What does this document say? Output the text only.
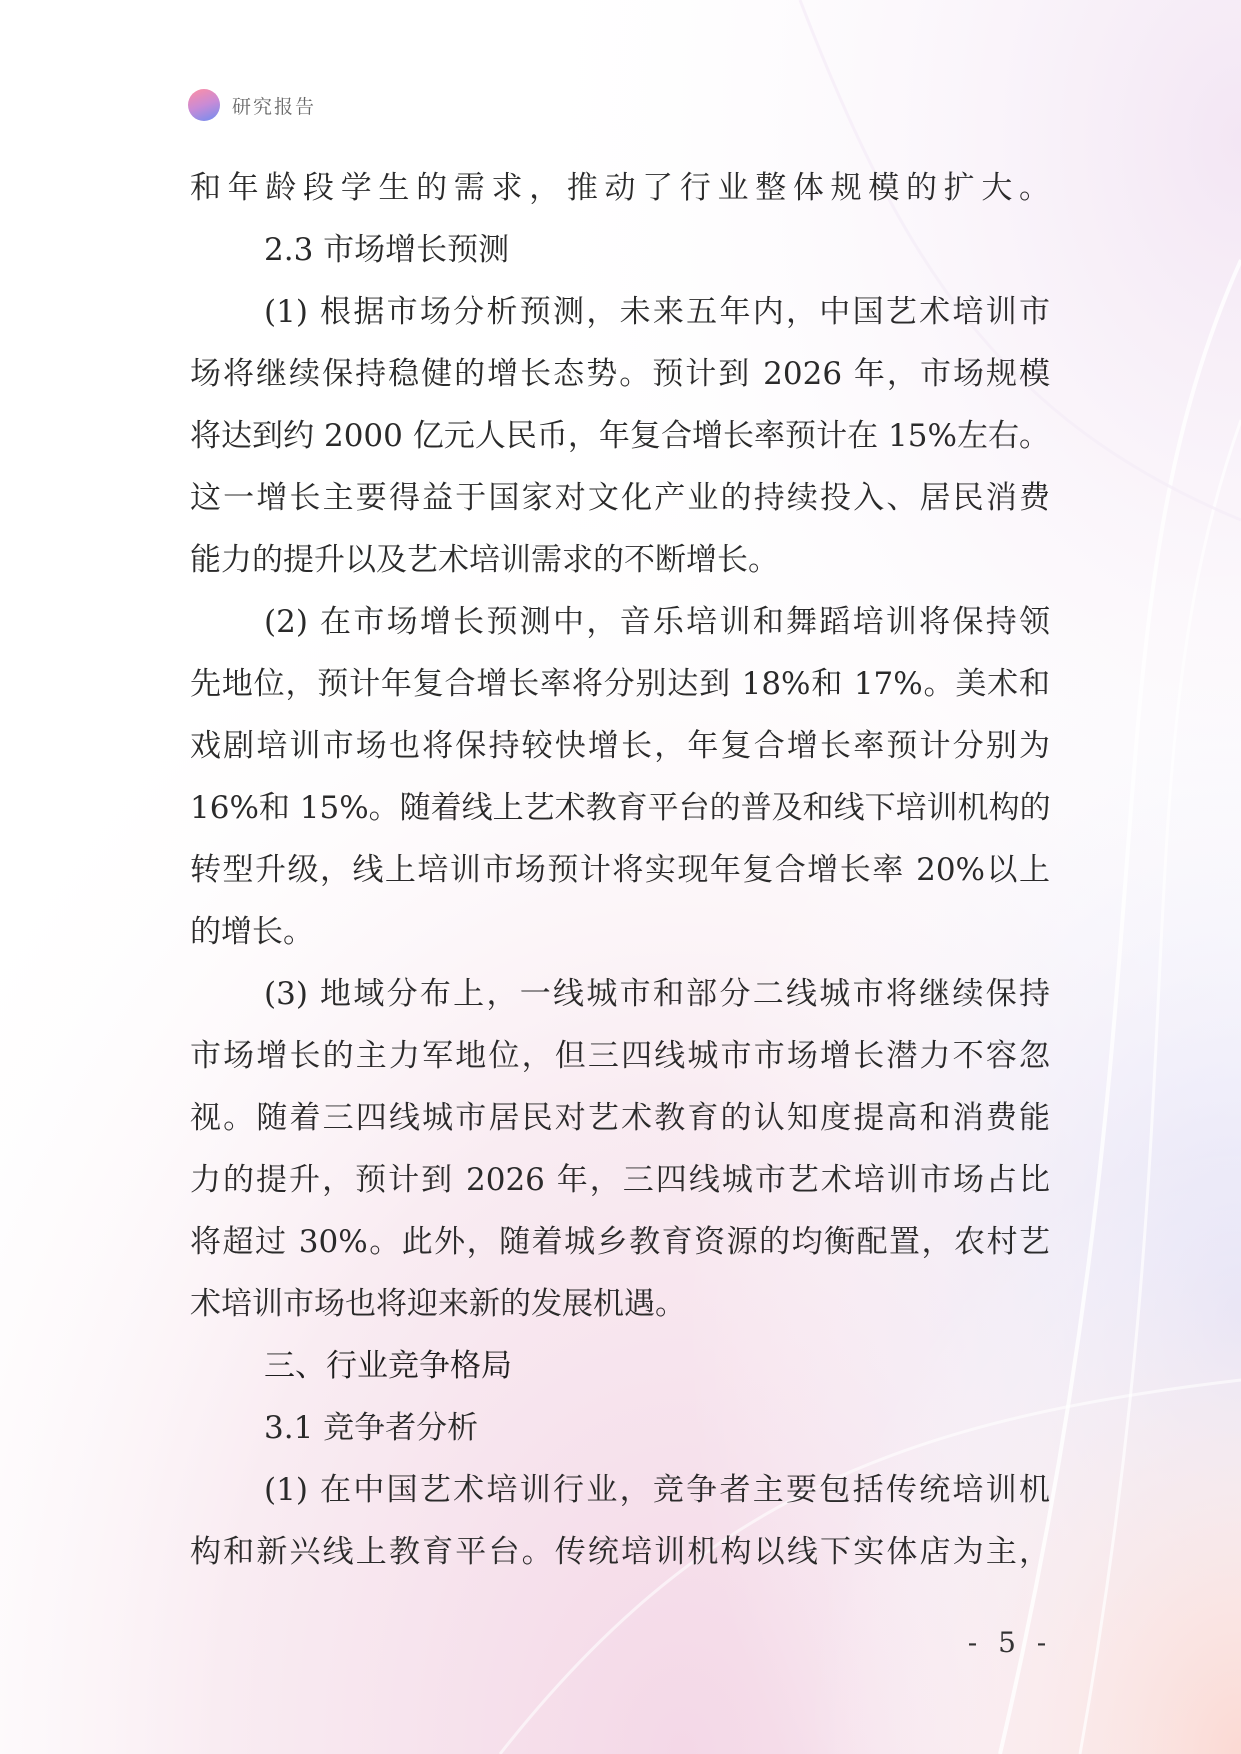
研究报告
和年龄段学生的需求，推动了行业整体规模的扩大。
2.3 市场增长预测
(1) 根据市场分析预测，未来五年内，中国艺术培训市
场将继续保持稳健的增长态势。预计到 2026 年，市场规模
将达到约 2000 亿元人民币，年复合增长率预计在 15%左右。
这一增长主要得益于国家对文化产业的持续投入、居民消费
能力的提升以及艺术培训需求的不断增长。
(2) 在市场增长预测中，音乐培训和舞蹈培训将保持领
先地位，预计年复合增长率将分别达到 18%和 17%。美术和
戏剧培训市场也将保持较快增长，年复合增长率预计分别为
16%和 15%。随着线上艺术教育平台的普及和线下培训机构的
转型升级，线上培训市场预计将实现年复合增长率 20%以上
的增长。
(3) 地域分布上，一线城市和部分二线城市将继续保持
市场增长的主力军地位，但三四线城市市场增长潜力不容忽
视。随着三四线城市居民对艺术教育的认知度提高和消费能
力的提升，预计到 2026 年，三四线城市艺术培训市场占比
将超过 30%。此外，随着城乡教育资源的均衡配置，农村艺
术培训市场也将迎来新的发展机遇。
三、行业竞争格局
3.1 竞争者分析
(1) 在中国艺术培训行业，竞争者主要包括传统培训机
构和新兴线上教育平台。传统培训机构以线下实体店为主，
- 5 -
